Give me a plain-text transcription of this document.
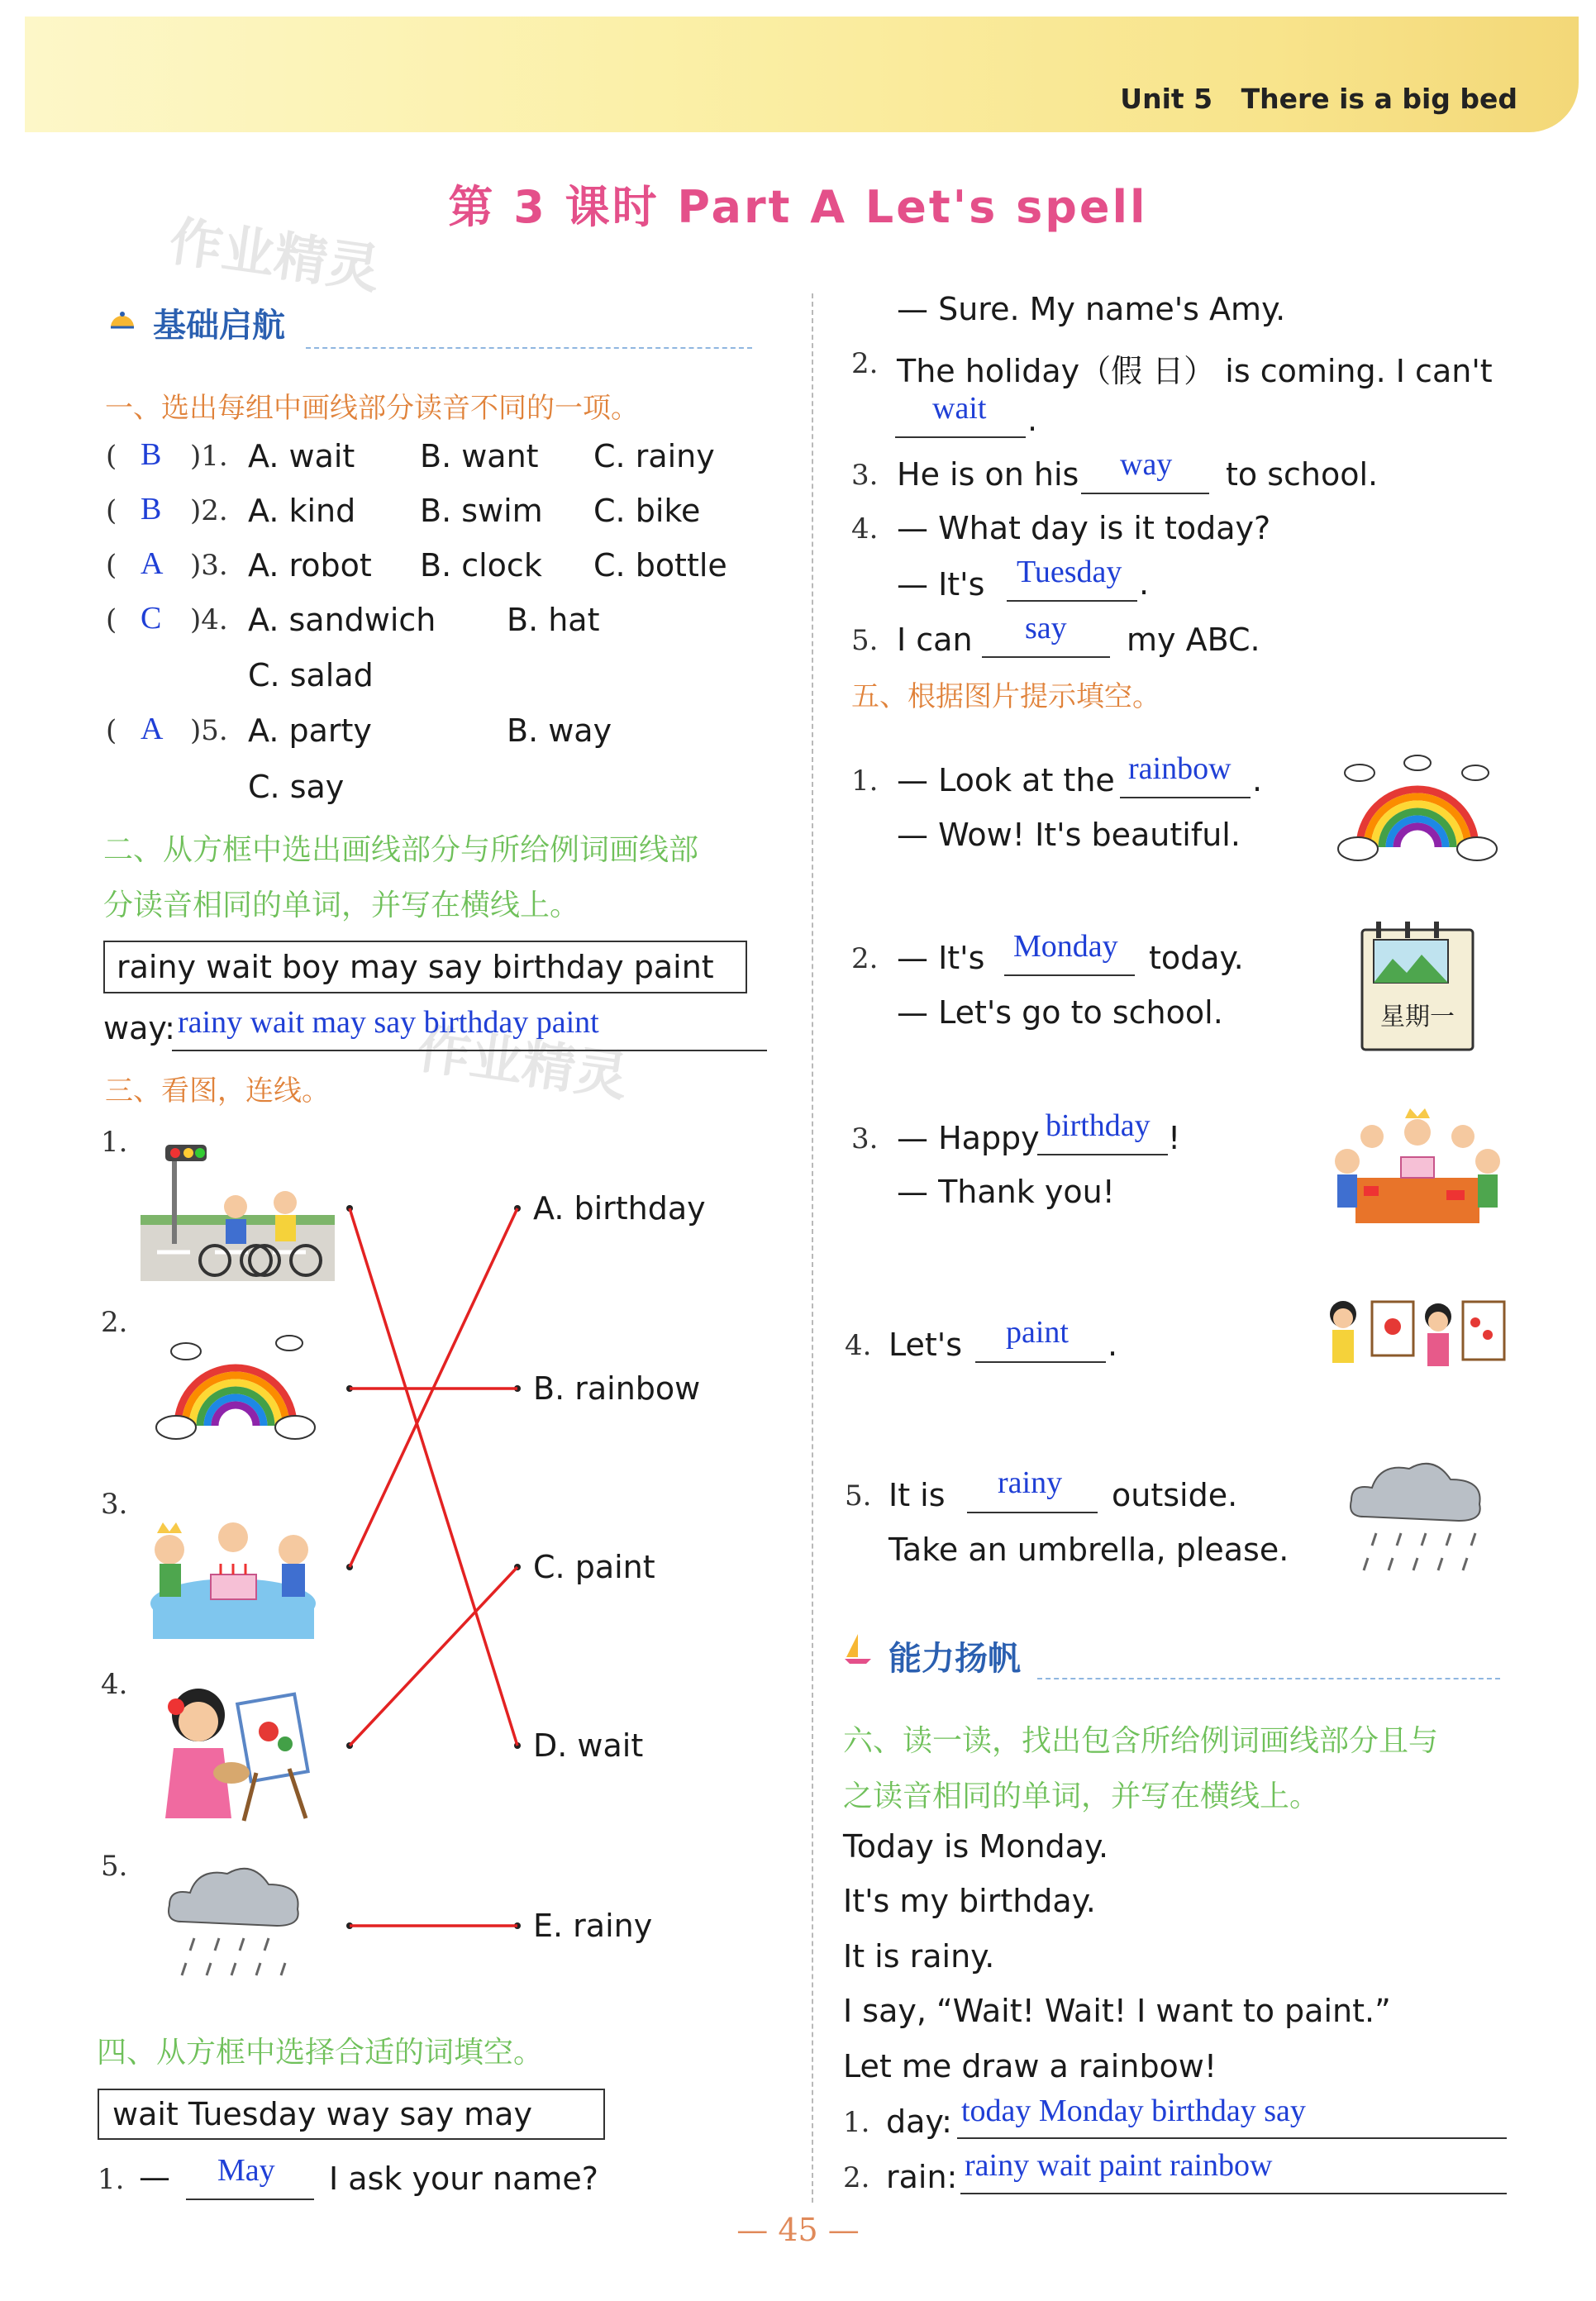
Unit 5 There is a big bed
第 3 课时 Part A Let's spell
作业精灵
作业精灵
基础启航
一、选出每组中画线部分读音不同的一项。
( B )1. A. wait B. want C. rainy
( B )2. A. kind B. swim C. bike
( A )3. A. robot B. clock C. bottle
( C )4. A. sandwich B. hat
C. salad
( A )5. A. party	B. way
C. say
二、从方框中选出画线部分与所给例词画线部
分读音相同的单词，并写在横线上。
rainy wait boy may say birthday paint
way: rainy wait may say birthday paint
三、看图，连线。
1.
2.
3.
4.
5.
A. birthday
B. rainbow
C. paint
D. wait
E. rainy
四、从方框中选择合适的词填空。
wait Tuesday way say may
1. — May I ask your name?
— Sure. My name's Amy.
2. The holiday（假 日） is coming. I can't
wait .
3. He is on his way to school.
4. — What day is it today?
— It's Tuesday .
5. I can say my ABC.
五、根据图片提示填空。
1. — Look at the rainbow .
— Wow! It's beautiful.
2. — It's Monday today.
— Let's go to school.	星期一
3. — Happy birthday !
— Thank you!
4. Let's paint .
5. It is rainy outside.
Take an umbrella, please.
能力扬帆
六、读一读，找出包含所给例词画线部分且与
之读音相同的单词，并写在横线上。
Today is Monday.
It's my birthday.
It is rainy.
I say, “Wait! Wait! I want to paint.”
Let me draw a rainbow!
1. day: today Monday birthday say
2. rain: rainy wait paint rainbow
— 45 —
